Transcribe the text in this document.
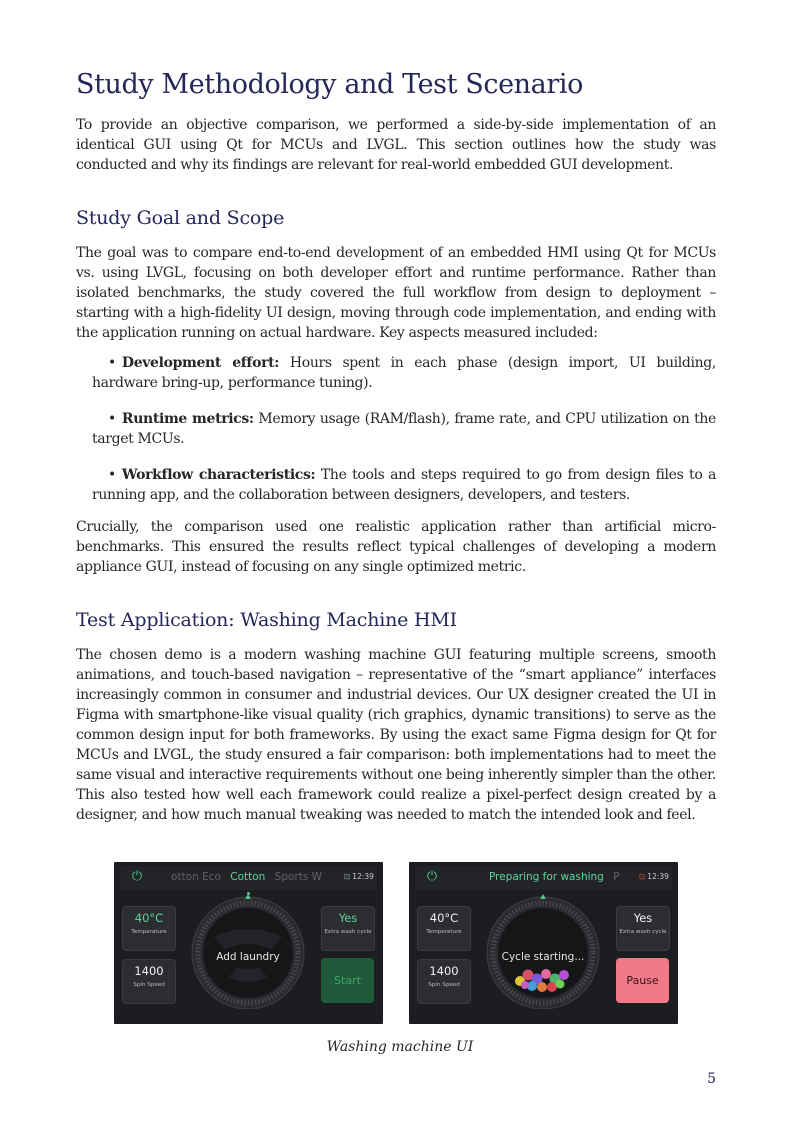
Study Methodology and Test Scenario

To provide an objective comparison, we performed a side-by-side implementation of an identical GUI using Qt for MCUs and LVGL. This section outlines how the study was conducted and why its findings are relevant for real-world embedded GUI development.

Study Goal and Scope

The goal was to compare end-to-end development of an embedded HMI using Qt for MCUs vs. using LVGL, focusing on both developer effort and runtime performance. Rather than isolated benchmarks, the study covered the full workflow from design to deployment – starting with a high-fidelity UI design, moving through code implementation, and ending with the application running on actual hardware. Key aspects measured included:

• Development effort: Hours spent in each phase (design import, UI building, hardware bring-up, performance tuning).
• Runtime metrics: Memory usage (RAM/flash), frame rate, and CPU utilization on the target MCUs.
• Workflow characteristics: The tools and steps required to go from design files to a running app, and the collaboration between designers, developers, and testers.

Crucially, the comparison used one realistic application rather than artificial micro-benchmarks. This ensured the results reflect typical challenges of developing a modern appliance GUI, instead of focusing on any single optimized metric.

Test Application: Washing Machine HMI

The chosen demo is a modern washing machine GUI featuring multiple screens, smooth animations, and touch-based navigation – representative of the “smart appliance” interfaces increasingly common in consumer and industrial devices. Our UX designer created the UI in Figma with smartphone-like visual quality (rich graphics, dynamic transitions) to serve as the common design input for both frameworks. By using the exact same Figma design for Qt for MCUs and LVGL, the study ensured a fair comparison: both implementations had to meet the same visual and interactive requirements without one being inherently simpler than the other. This also tested how well each framework could realize a pixel-perfect design created by a designer, and how much manual tweaking was needed to match the intended look and feel.

⏻	otton Eco Cotton Sports W	⊡ 12:39
40°C
Temperature
1400
Spin Speed
Yes
Extra wash cycle
Start
Add laundry
⏻	Preparing for washing P	⊡ 12:39
40°C
Temperature
1400
Spin Speed
Yes
Extra wash cycle
Pause
Cycle starting...
Washing machine UI
5
